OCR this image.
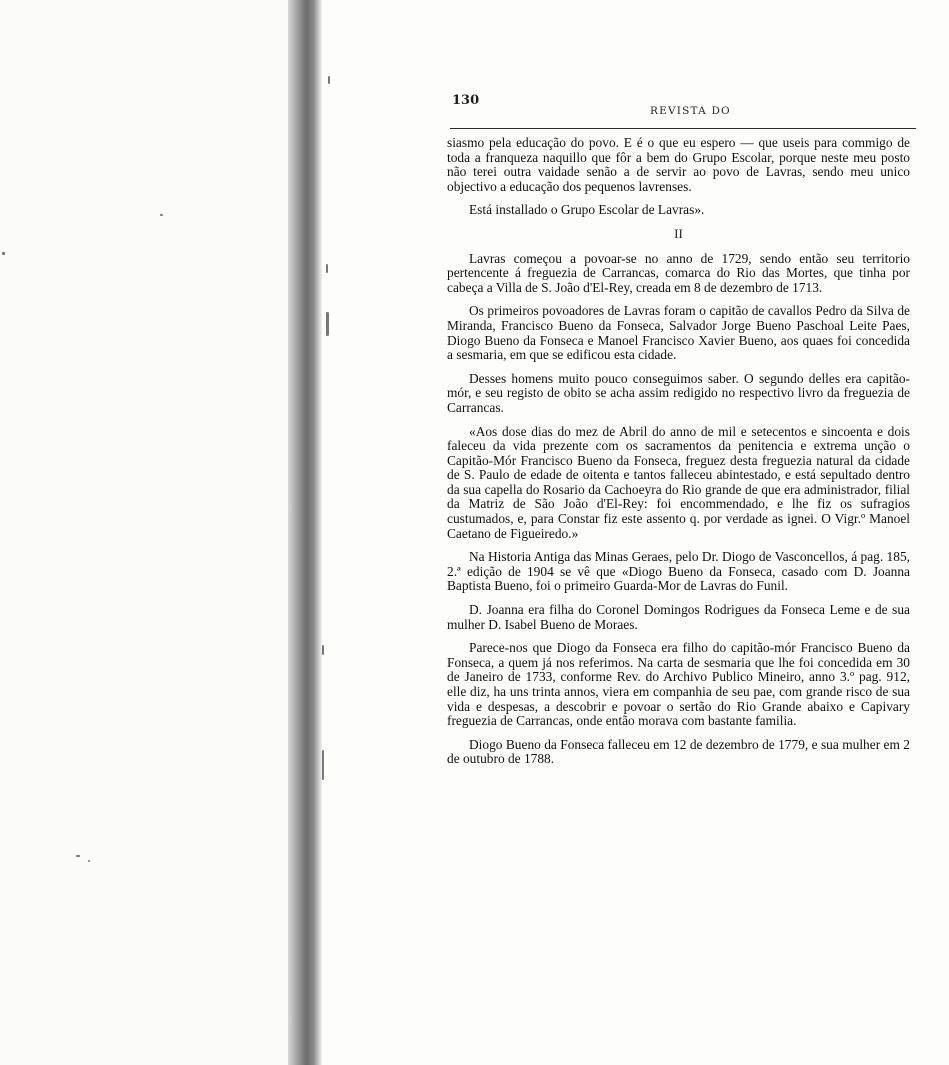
130

REVISTA DO

siasmo pela educação do povo. E é o que eu espero — que useis para commigo de toda a franqueza naquillo que fôr a bem do Grupo Escolar, porque neste meu posto não terei outra vaidade senão a de servir ao povo de Lavras, sendo meu unico objectivo a educação dos pequenos lavrenses.

Está installado o Grupo Escolar de Lavras».

II

Lavras começou a povoar-se no anno de 1729, sendo então seu territorio pertencente á freguezia de Carrancas, comarca do Rio das Mortes, que tinha por cabeça a Villa de S. João d'El-Rey, creada em 8 de dezembro de 1713.

Os primeiros povoadores de Lavras foram o capitão de cavallos Pedro da Silva de Miranda, Francisco Bueno da Fonseca, Salvador Jorge Bueno Paschoal Leite Paes, Diogo Bueno da Fonseca e Manoel Francisco Xavier Bueno, aos quaes foi concedida a sesmaria, em que se edificou esta cidade.

Desses homens muito pouco conseguimos saber. O segundo delles era capitão-mór, e seu registo de obito se acha assim redigido no respectivo livro da freguezia de Carrancas.

«Aos dose dias do mez de Abril do anno de mil e setecentos e sincoenta e dois faleceu da vida prezente com os sacramentos da penitencia e extrema unção o Capitão-Mór Francisco Bueno da Fonseca, freguez desta freguezia natural da cidade de S. Paulo de edade de oitenta e tantos falleceu abintestado, e está sepultado dentro da sua capella do Rosario da Cachoeyra do Rio grande de que era administrador, filial da Matriz de São João d'El-Rey: foi encommendado, e lhe fiz os sufragios custumados, e, para Constar fiz este assento q. por verdade as ignei. O Vigr.º Manoel Caetano de Figueiredo.»

Na Historia Antiga das Minas Geraes, pelo Dr. Diogo de Vasconcellos, á pag. 185, 2.ª edição de 1904 se vê que «Diogo Bueno da Fonseca, casado com D. Joanna Baptista Bueno, foi o primeiro Guarda-Mor de Lavras do Funil.

D. Joanna era filha do Coronel Domingos Rodrigues da Fonseca Leme e de sua mulher D. Isabel Bueno de Moraes.

Parece-nos que Diogo da Fonseca era filho do capitão-mór Francisco Bueno da Fonseca, a quem já nos referimos. Na carta de sesmaria que lhe foi concedida em 30 de Janeiro de 1733, conforme Rev. do Archivo Publico Mineiro, anno 3.º pag. 912, elle diz, ha uns trinta annos, viera em companhia de seu pae, com grande risco de sua vida e despesas, a descobrir e povoar o sertão do Rio Grande abaixo e Capivary freguezia de Carrancas, onde então morava com bastante familia.

Diogo Bueno da Fonseca falleceu em 12 de dezembro de 1779, e sua mulher em 2 de outubro de 1788.
